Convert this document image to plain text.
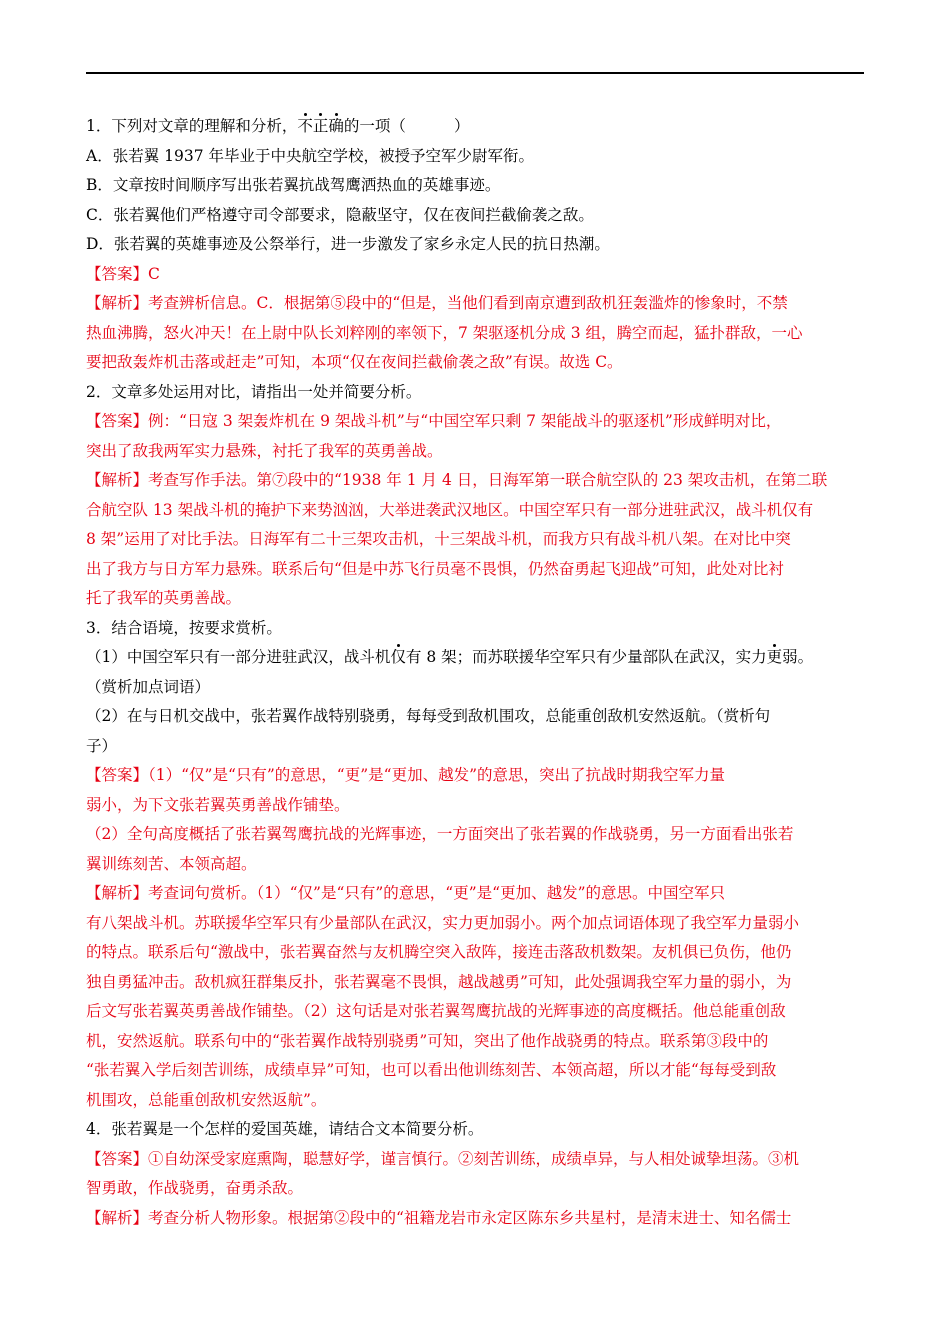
1．下列对文章的理解和分析，不正确的一项（	）
A．张若翼 1937 年毕业于中央航空学校，被授予空军少尉军衔。
B．文章按时间顺序写出张若翼抗战驾鹰洒热血的英雄事迹。
C．张若翼他们严格遵守司令部要求，隐蔽坚守，仅在夜间拦截偷袭之敌。
D．张若翼的英雄事迹及公祭举行，进一步激发了家乡永定人民的抗日热潮。
【答案】C
【解析】考查辨析信息。C．根据第⑤段中的“但是，当他们看到南京遭到敌机狂轰滥炸的惨象时，不禁
热血沸腾，怒火冲天！在上尉中队长刘粹刚的率领下，7 架驱逐机分成 3 组，腾空而起，猛扑群敌，一心
要把敌轰炸机击落或赶走”可知，本项“仅在夜间拦截偷袭之敌”有误。故选 C。
2．文章多处运用对比，请指出一处并简要分析。
【答案】例：“日寇 3 架轰炸机在 9 架战斗机”与“中国空军只剩 7 架能战斗的驱逐机”形成鲜明对比，
突出了敌我两军实力悬殊，衬托了我军的英勇善战。
【解析】考查写作手法。第⑦段中的“1938 年 1 月 4 日，日海军第一联合航空队的 23 架攻击机，在第二联
合航空队 13 架战斗机的掩护下来势汹汹，大举进袭武汉地区。中国空军只有一部分进驻武汉，战斗机仅有
8 架”运用了对比手法。日海军有二十三架攻击机，十三架战斗机，而我方只有战斗机八架。在对比中突
出了我方与日方军力悬殊。联系后句“但是中苏飞行员毫不畏惧，仍然奋勇起飞迎战”可知，此处对比衬
托了我军的英勇善战。
3．结合语境，按要求赏析。
（1）中国空军只有一部分进驻武汉，战斗机仅有 8 架；而苏联援华空军只有少量部队在武汉，实力更弱。
（赏析加点词语）
（2）在与日机交战中，张若翼作战特别骁勇，每每受到敌机围攻，总能重创敌机安然返航。（赏析句
子）
【答案】（1）“仅”是“只有”的意思，“更”是“更加、越发”的意思，突出了抗战时期我空军力量
弱小，为下文张若翼英勇善战作铺垫。
（2）全句高度概括了张若翼驾鹰抗战的光辉事迹，一方面突出了张若翼的作战骁勇，另一方面看出张若
翼训练刻苦、本领高超。
【解析】考查词句赏析。（1）“仅”是“只有”的意思，“更”是“更加、越发”的意思。中国空军只
有八架战斗机。苏联援华空军只有少量部队在武汉，实力更加弱小。两个加点词语体现了我空军力量弱小
的特点。联系后句“激战中，张若翼奋然与友机腾空突入敌阵，接连击落敌机数架。友机俱已负伤，他仍
独自勇猛冲击。敌机疯狂群集反扑，张若翼毫不畏惧，越战越勇”可知，此处强调我空军力量的弱小，为
后文写张若翼英勇善战作铺垫。（2）这句话是对张若翼驾鹰抗战的光辉事迹的高度概括。他总能重创敌
机，安然返航。联系句中的“张若翼作战特别骁勇”可知，突出了他作战骁勇的特点。联系第③段中的
“张若翼入学后刻苦训练，成绩卓异”可知，也可以看出他训练刻苦、本领高超，所以才能“每每受到敌
机围攻，总能重创敌机安然返航”。
4．张若翼是一个怎样的爱国英雄，请结合文本简要分析。
【答案】①自幼深受家庭熏陶，聪慧好学，谨言慎行。②刻苦训练，成绩卓异，与人相处诚挚坦荡。③机
智勇敢，作战骁勇，奋勇杀敌。
【解析】考查分析人物形象。根据第②段中的“祖籍龙岩市永定区陈东乡共星村，是清末进士、知名儒士
